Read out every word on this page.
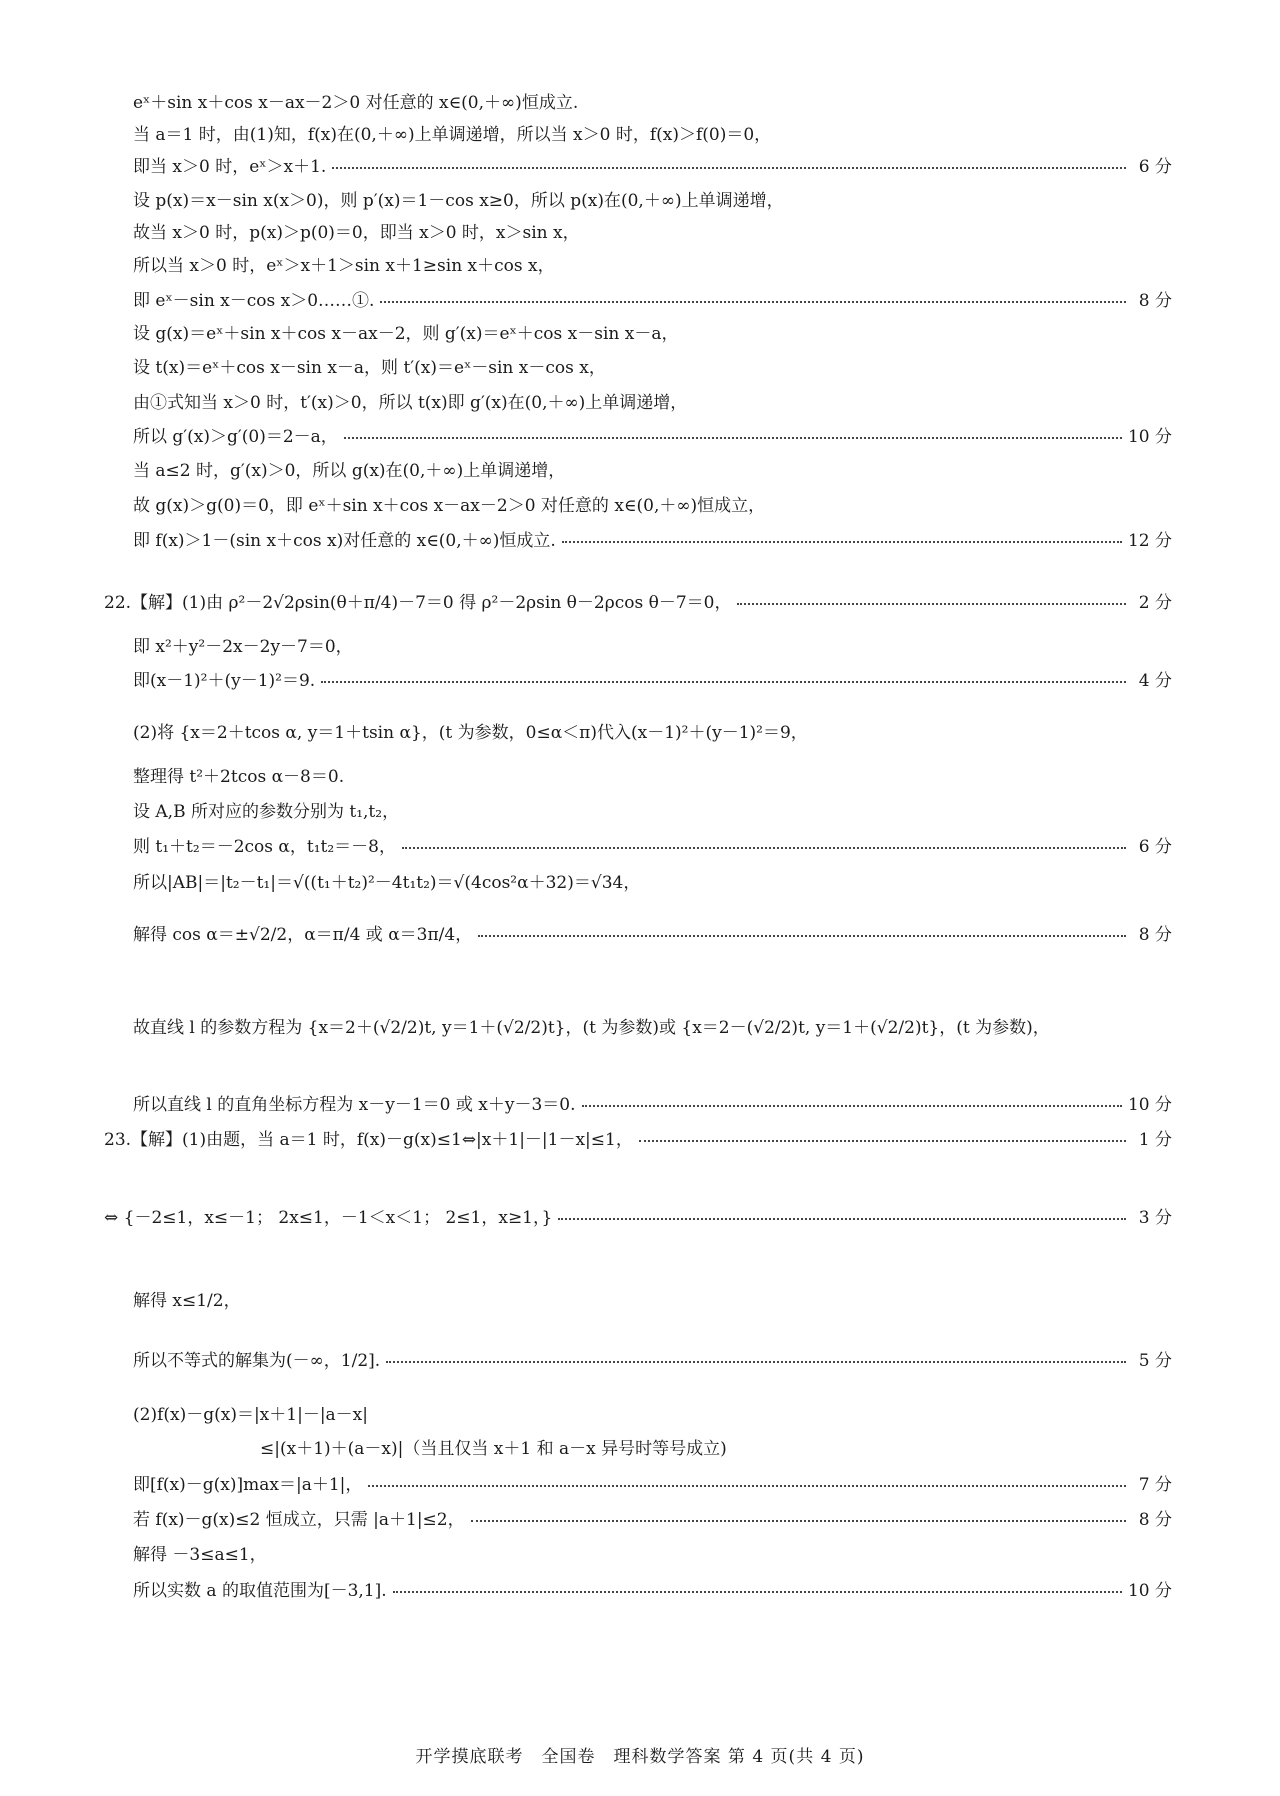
eˣ＋sin x＋cos x－ax－2＞0 对任意的 x∈(0,＋∞)恒成立.
当 a＝1 时，由(1)知，f(x)在(0,＋∞)上单调递增，所以当 x＞0 时，f(x)＞f(0)＝0，
即当 x＞0 时，eˣ＞x＋1.	6 分
设 p(x)＝x－sin x(x＞0)，则 p′(x)＝1－cos x≥0，所以 p(x)在(0,＋∞)上单调递增，
故当 x＞0 时，p(x)＞p(0)＝0，即当 x＞0 时，x＞sin x，
所以当 x＞0 时，eˣ＞x＋1＞sin x＋1≥sin x＋cos x，
即 eˣ－sin x－cos x＞0……①.	8 分
设 g(x)＝eˣ＋sin x＋cos x－ax－2，则 g′(x)＝eˣ＋cos x－sin x－a，
设 t(x)＝eˣ＋cos x－sin x－a，则 t′(x)＝eˣ－sin x－cos x，
由①式知当 x＞0 时，t′(x)＞0，所以 t(x)即 g′(x)在(0,＋∞)上单调递增，
所以 g′(x)＞g′(0)＝2－a，	10 分
当 a≤2 时，g′(x)＞0，所以 g(x)在(0,＋∞)上单调递增，
故 g(x)＞g(0)＝0，即 eˣ＋sin x＋cos x－ax－2＞0 对任意的 x∈(0,＋∞)恒成立，
即 f(x)＞1－(sin x＋cos x)对任意的 x∈(0,＋∞)恒成立.	12 分
22.【解】(1)由 ρ²－2√2ρsin(θ＋π/4)－7＝0 得 ρ²－2ρsin θ－2ρcos θ－7＝0，	2 分
即 x²＋y²－2x－2y－7＝0，
即(x－1)²＋(y－1)²＝9.	4 分
(2)将 {x＝2＋tcos α, y＝1＋tsin α}，(t 为参数，0≤α＜π)代入(x－1)²＋(y－1)²＝9，
整理得 t²＋2tcos α－8＝0.
设 A,B 所对应的参数分别为 t₁,t₂，
则 t₁＋t₂＝－2cos α，t₁t₂＝－8，	6 分
所以|AB|＝|t₂－t₁|＝√((t₁＋t₂)²－4t₁t₂)＝√(4cos²α＋32)＝√34，
解得 cos α＝±√2/2，α＝π/4 或 α＝3π/4，	8 分
故直线 l 的参数方程为 {x＝2＋(√2/2)t, y＝1＋(√2/2)t}，(t 为参数)或 {x＝2－(√2/2)t, y＝1＋(√2/2)t}，(t 为参数)，
所以直线 l 的直角坐标方程为 x－y－1＝0 或 x＋y－3＝0.	10 分
23.【解】(1)由题，当 a＝1 时，f(x)－g(x)≤1⇔|x＋1|－|1－x|≤1，	1 分
⇔ {－2≤1，x≤－1； 2x≤1，－1＜x＜1； 2≤1，x≥1，}	3 分
解得 x≤1/2，
所以不等式的解集为(－∞，1/2].	5 分
(2)f(x)－g(x)＝|x＋1|－|a－x|
≤|(x＋1)＋(a－x)|（当且仅当 x＋1 和 a－x 异号时等号成立)
即[f(x)－g(x)]max＝|a＋1|，	7 分
若 f(x)－g(x)≤2 恒成立，只需 |a＋1|≤2，	8 分
解得 －3≤a≤1，
所以实数 a 的取值范围为[－3,1].	10 分
开学摸底联考　全国卷　理科数学答案 第 4 页(共 4 页)
